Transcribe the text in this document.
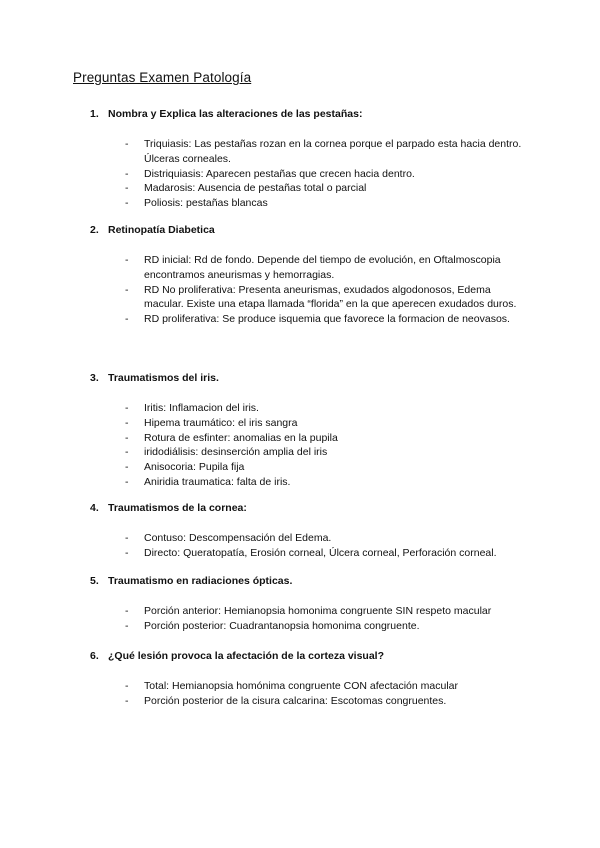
Preguntas Examen Patología
1. Nombra y Explica las alteraciones de las pestañas:
- Triquiasis: Las pestañas rozan en la cornea porque el parpado esta hacia dentro. Úlceras corneales.
- Distriquiasis: Aparecen pestañas que crecen hacia dentro.
- Madarosis: Ausencia de pestañas total o parcial
- Poliosis: pestañas blancas
2. Retinopatía Diabetica
- RD inicial: Rd de fondo. Depende del tiempo de evolución, en Oftalmoscopia encontramos aneurismas y hemorragias.
- RD No proliferativa: Presenta aneurismas, exudados algodonosos, Edema macular. Existe una etapa llamada “florida” en la que aperecen exudados duros.
- RD proliferativa: Se produce isquemia que favorece la formacion de neovasos.
3. Traumatismos del iris.
- Iritis: Inflamacion del iris.
- Hipema traumático: el iris sangra
- Rotura de esfinter: anomalias en la pupila
- iridodiálisis: desinserción amplia del iris
- Anisocoria: Pupila fija
- Aniridia traumatica: falta de iris.
4. Traumatismos de la cornea:
- Contuso: Descompensación del Edema.
- Directo: Queratopatía, Erosión corneal, Úlcera corneal, Perforación corneal.
5. Traumatismo en radiaciones ópticas.
- Porción anterior: Hemianopsia homonima congruente SIN respeto macular
- Porción posterior: Cuadrantanopsia homonima congruente.
6. ¿Qué lesión provoca la afectación de la corteza visual?
- Total: Hemianopsia homónima congruente CON afectación macular
- Porción posterior de la cisura calcarina: Escotomas congruentes.
